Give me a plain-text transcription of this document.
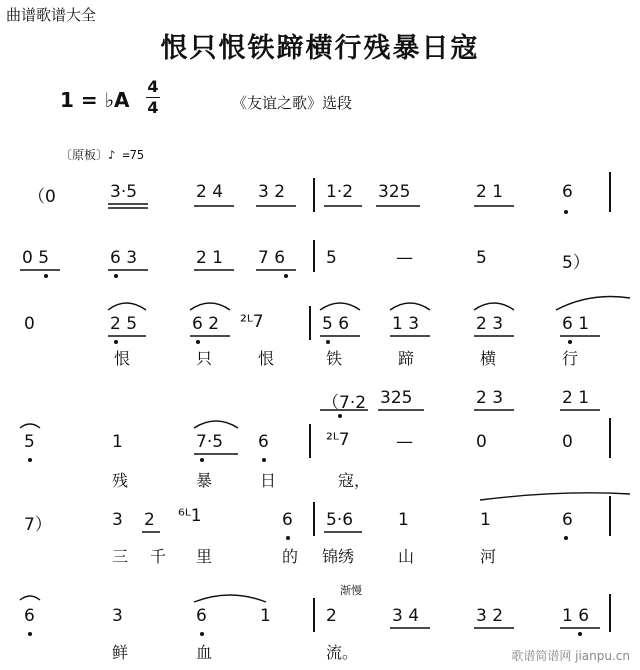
曲谱歌谱大全
恨只恨铁蹄横行残暴日寇
1 = ♭A
4
4	《友谊之歌》选段
〔原板〕♪ =75
（0	3·5	2 4 3 2 1·2 325	2 1	6
0 5	6 3	2 1 7 6 5	—	5	5）
0	2 5	6 2 ²ᴸ7	5 6	1 3	2 3	6 1
恨	只	恨	铁	蹄	横	行
（7·2 325	2 3	2 1
5	1	7·5 6	²ᴸ7	—	0	0
残	暴	日	寇，
7）	3 2 ⁶ᴸ1	6 5·6	1	1	6
三 千 里	的 锦绣	山	河
渐慢
6	3	6	1	2	3 4	3 2	1 6
鲜	血	流。	歌谱简谱网 jianpu.cn
